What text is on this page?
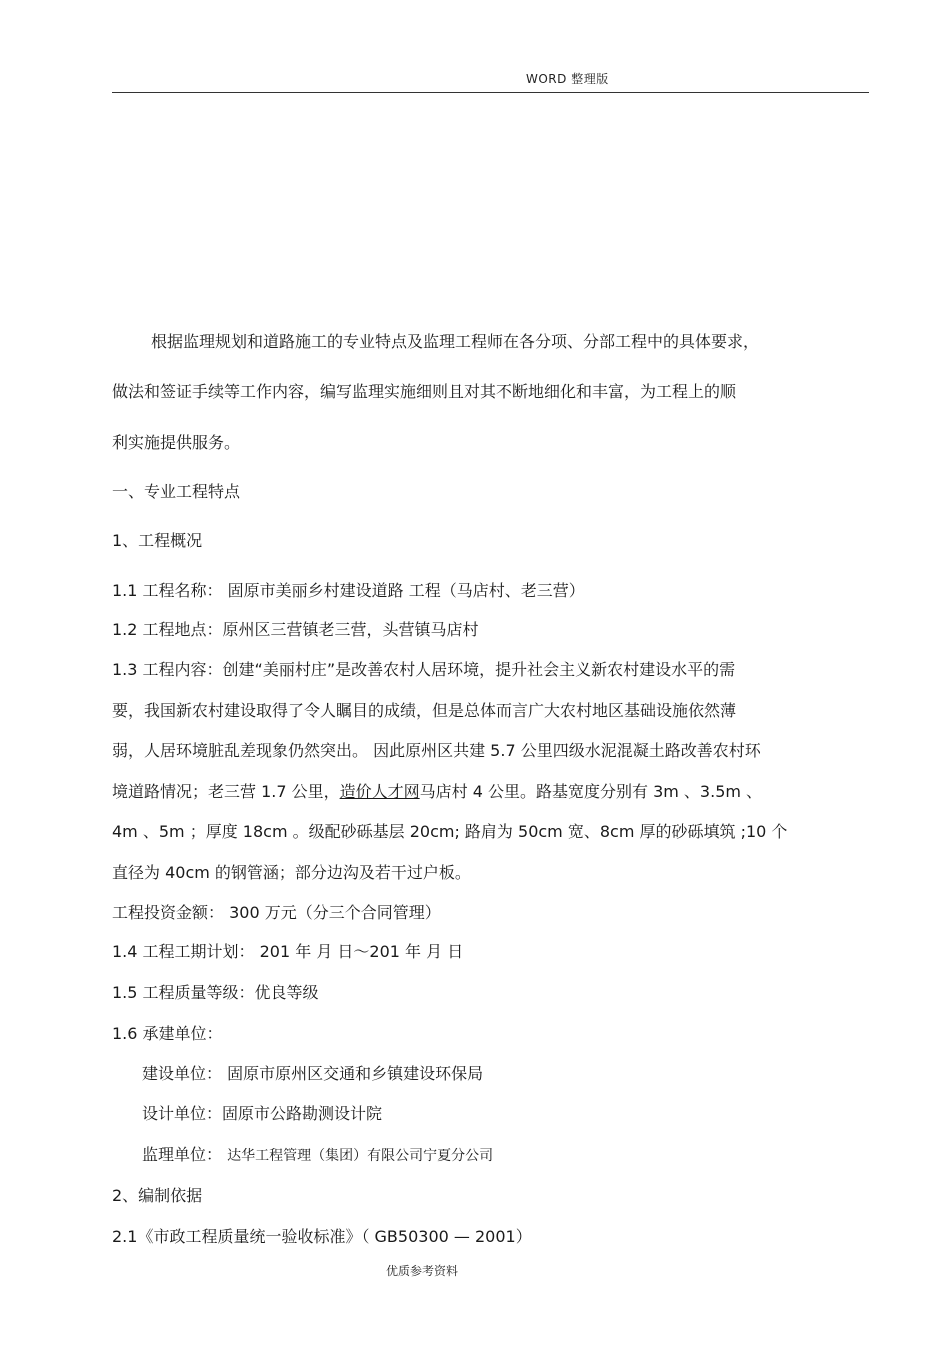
WORD 整理版
根据监理规划和道路施工的专业特点及监理工程师在各分项、分部工程中的具体要求，
做法和签证手续等工作内容，编写监理实施细则且对其不断地细化和丰富，为工程上的顺
利实施提供服务。
一、专业工程特点
1、工程概况
1.1 工程名称： 固原市美丽乡村建设道路 工程（马店村、老三营）
1.2 工程地点：原州区三营镇老三营，头营镇马店村
1.3 工程内容：创建“美丽村庄”是改善农村人居环境，提升社会主义新农村建设水平的需
要，我国新农村建设取得了令人瞩目的成绩，但是总体而言广大农村地区基础设施依然薄
弱，人居环境脏乱差现象仍然突出。 因此原州区共建 5.7 公里四级水泥混凝土路改善农村环
境道路情况；老三营 1.7 公里，造价人才网马店村 4 公里。路基宽度分别有 3m 、3.5m 、
4m 、5m ；厚度 18cm 。级配砂砾基层 20cm; 路肩为 50cm 宽、8cm 厚的砂砾填筑 ;10 个
直径为 40cm 的钢管涵；部分边沟及若干过户板。
工程投资金额： 300 万元（分三个合同管理）
1.4 工程工期计划： 201 年 月 日～201 年 月 日
1.5 工程质量等级：优良等级
1.6 承建单位：
建设单位： 固原市原州区交通和乡镇建设环保局
设计单位：固原市公路勘测设计院
监理单位： 达华工程管理（集团）有限公司宁夏分公司
2、编制依据
2.1《市政工程质量统一验收标准》（ GB50300 — 2001）
优质参考资料
